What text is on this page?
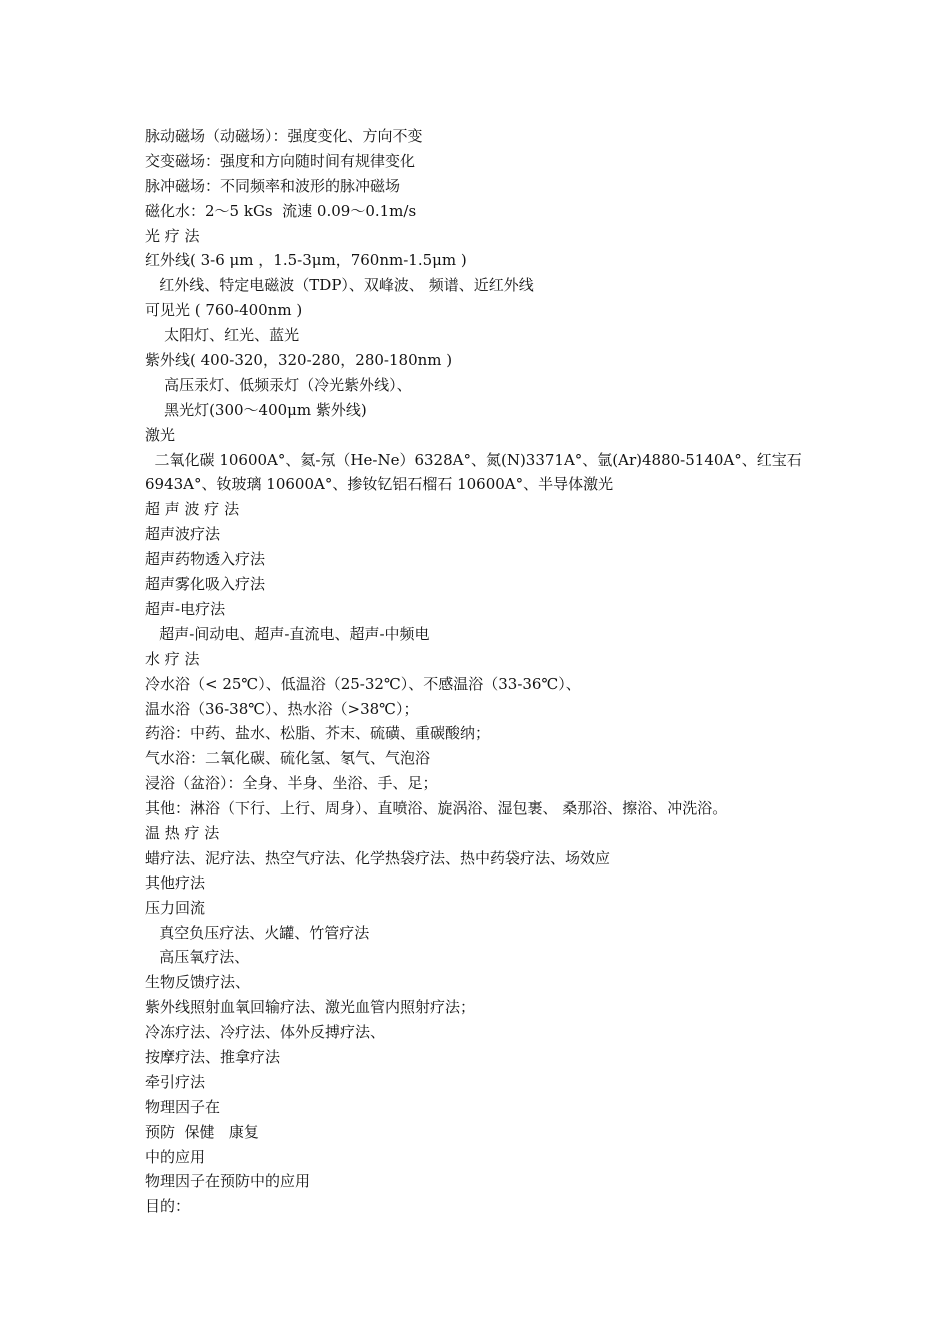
脉动磁场（动磁场）：强度变化、方向不变
交变磁场：强度和方向随时间有规律变化
脉冲磁场：不同频率和波形的脉冲磁场
磁化水：2～5 kGs  流速 0.09～0.1m/s
光 疗 法
红外线( 3-6 μm ，1.5-3μm，760nm-1.5μm )
红外线、特定电磁波（TDP）、双峰波、 频谱、近红外线
可见光 ( 760-400nm )
太阳灯、红光、蓝光
紫外线( 400-320，320-280，280-180nm )
高压汞灯、低频汞灯（冷光紫外线）、
黑光灯(300～400μm 紫外线)
激光
二氧化碳 10600A°、氦-氖（He-Ne）6328A°、氮(N)3371A°、氩(Ar)4880-5140A°、红宝石 6943A°、钕玻璃 10600A°、掺钕钇铝石榴石 10600A°、半导体激光
超 声 波 疗 法
超声波疗法
超声药物透入疗法
超声雾化吸入疗法
超声-电疗法
超声-间动电、超声-直流电、超声-中频电
水 疗 法
冷水浴（< 25℃）、低温浴（25-32℃）、不感温浴（33-36℃）、
温水浴（36-38℃）、热水浴（>38℃）；
药浴：中药、盐水、松脂、芥末、硫磺、重碳酸纳；
气水浴：二氧化碳、硫化氢、氡气、气泡浴
浸浴（盆浴）：全身、半身、坐浴、手、足；
其他：淋浴（下行、上行、周身）、直喷浴、旋涡浴、湿包裹、 桑那浴、擦浴、冲洗浴。
温 热 疗 法
蜡疗法、泥疗法、热空气疗法、化学热袋疗法、热中药袋疗法、场效应
其他疗法
压力回流
真空负压疗法、火罐、竹管疗法
高压氧疗法、
生物反馈疗法、
紫外线照射血氧回输疗法、激光血管内照射疗法；
冷冻疗法、冷疗法、体外反搏疗法、
按摩疗法、推拿疗法
牵引疗法
物理因子在
预防  保健   康复
中的应用
物理因子在预防中的应用
目的：
